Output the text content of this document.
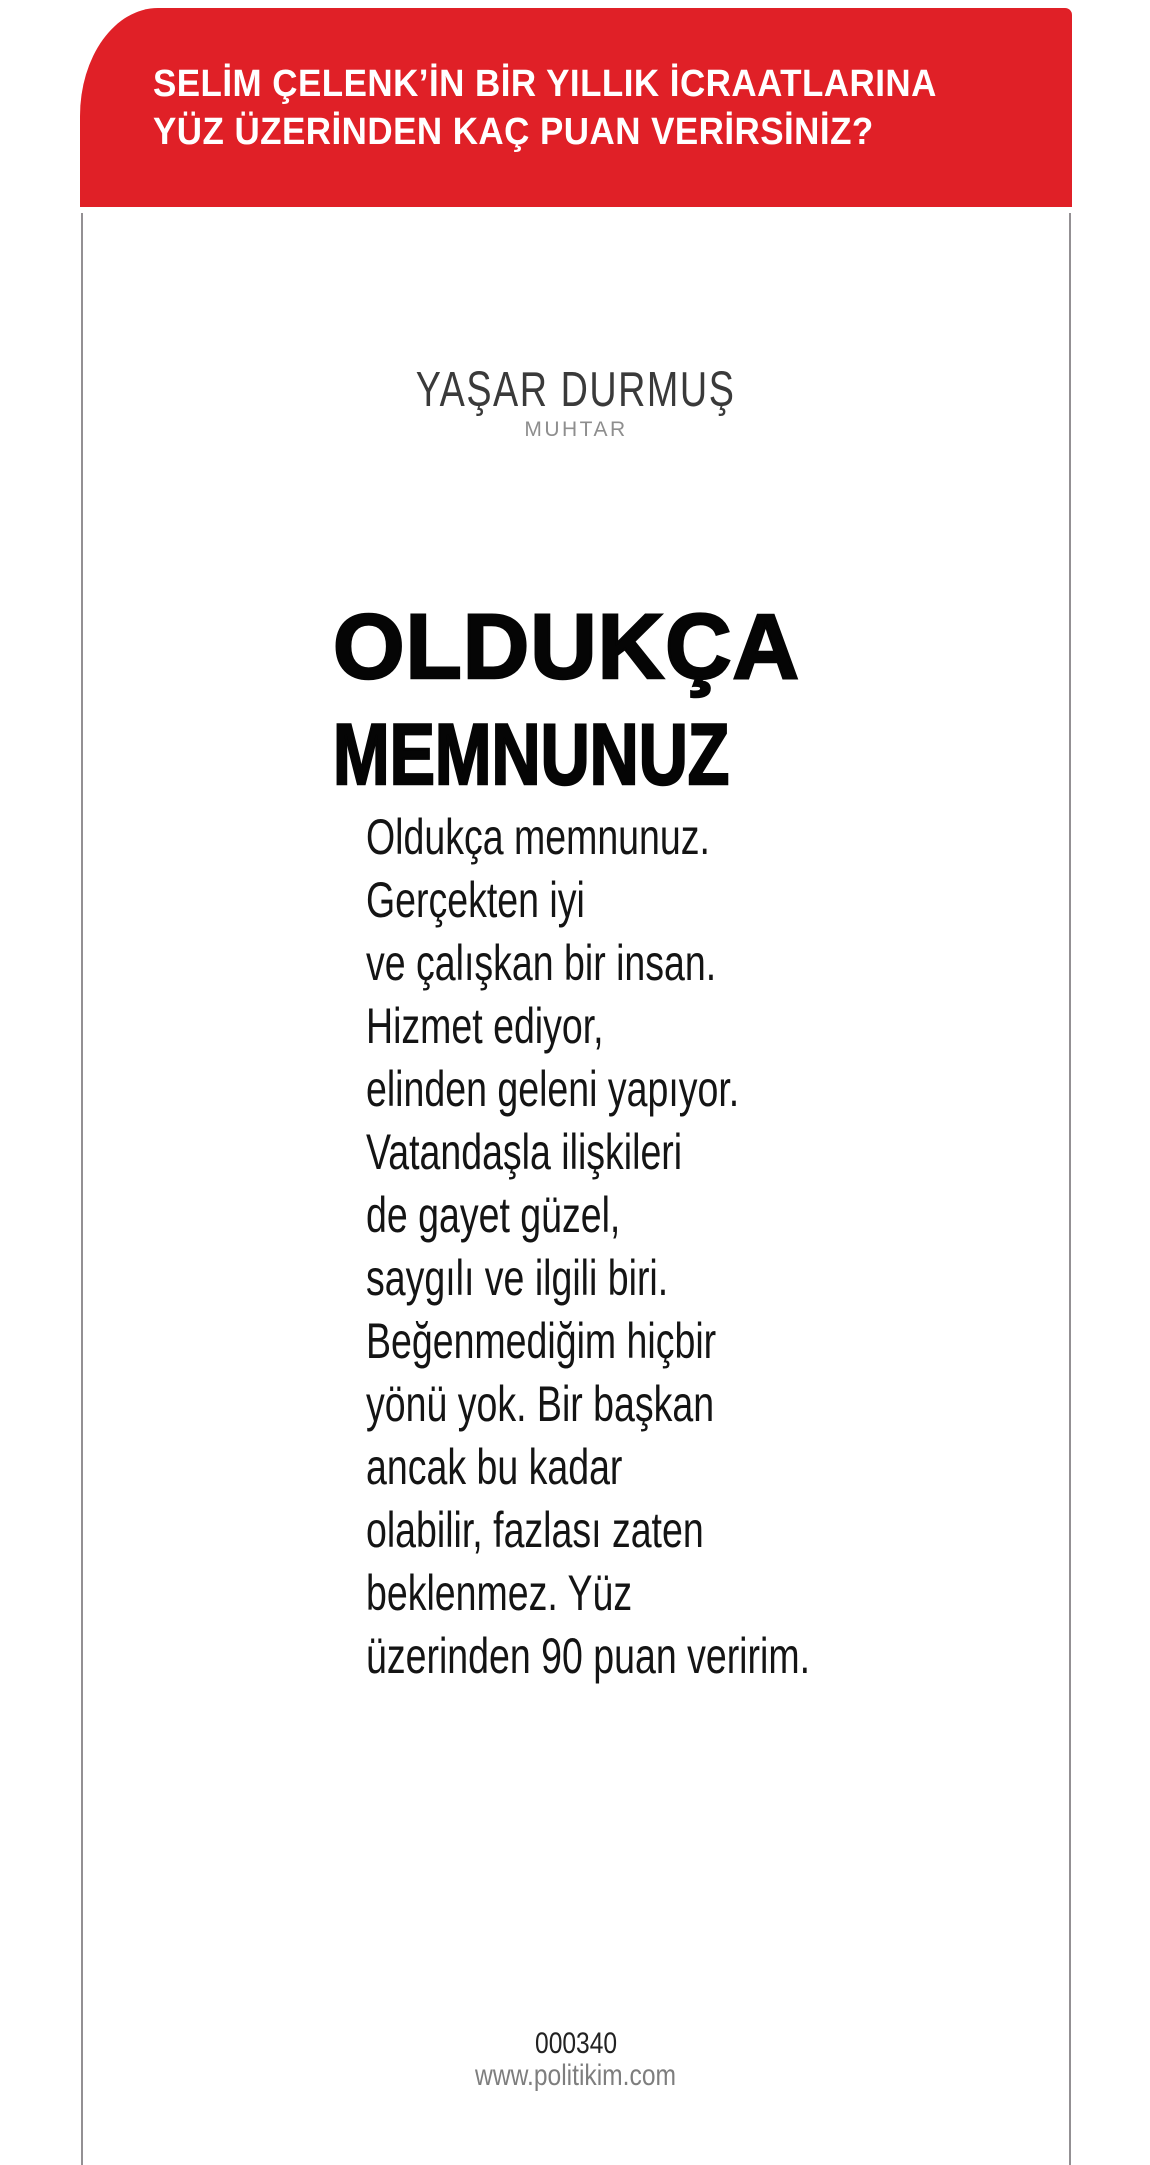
SELİM ÇELENK’İN BİR YILLIK İCRAATLARINA
YÜZ ÜZERİNDEN KAÇ PUAN VERİRSİNİZ?
YAŞAR DURMUŞ
MUHTAR
OLDUKÇA
MEMNUNUZ
Oldukça memnunuz.
Gerçekten iyi
ve çalışkan bir insan.
Hizmet ediyor,
elinden geleni yapıyor.
Vatandaşla ilişkileri
de gayet güzel,
saygılı ve ilgili biri.
Beğenmediğim hiçbir
yönü yok. Bir başkan
ancak bu kadar
olabilir, fazlası zaten
beklenmez. Yüz
üzerinden 90 puan veririm.
000340
www.politikim.com
